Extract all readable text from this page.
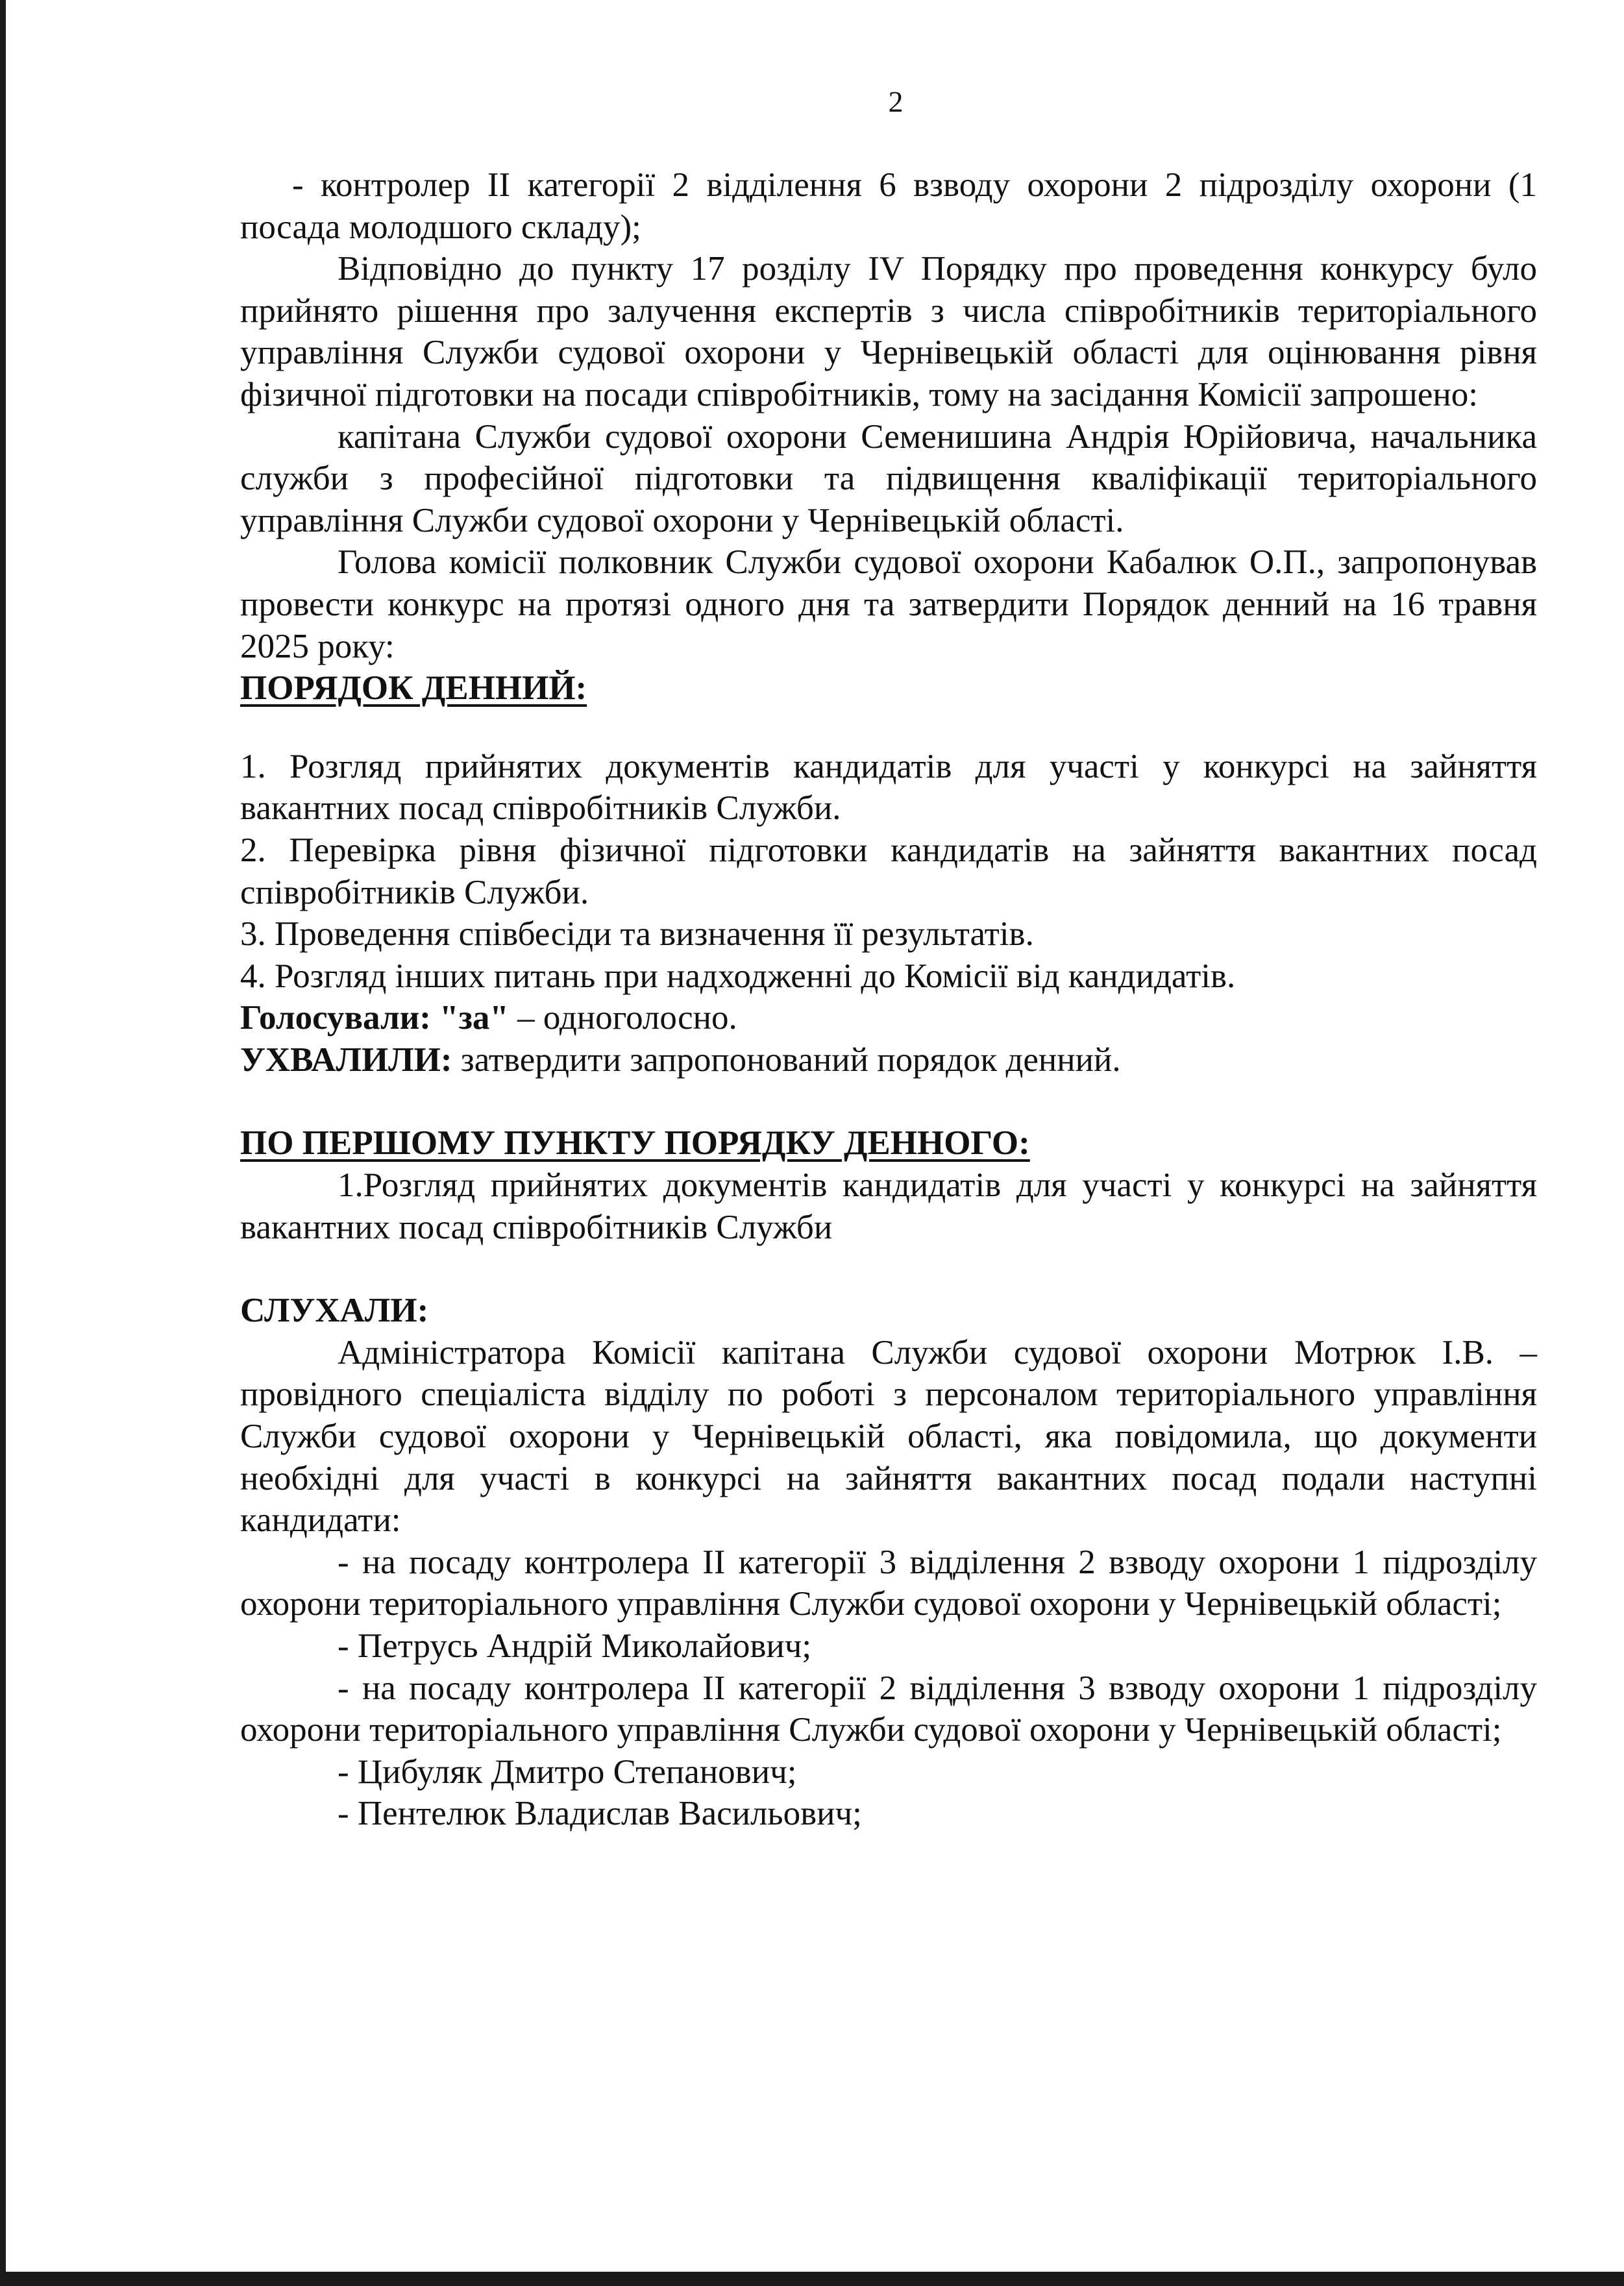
2

- контролер ІІ категорії 2 відділення 6 взводу охорони 2 підрозділу охорони (1 посада молодшого складу);

Відповідно до пункту 17 розділу IV Порядку про проведення конкурсу було прийнято рішення про залучення експертів з числа співробітників територіального управління Служби судової охорони у Чернівецькій області для оцінювання рівня фізичної підготовки на посади співробітників, тому на засідання Комісії запрошено:

капітана Служби судової охорони Семенишина Андрія Юрійовича, начальника служби з професійної підготовки та підвищення кваліфікації територіального управління Служби судової охорони у Чернівецькій області.

Голова комісії полковник Служби судової охорони Кабалюк О.П., запропонував провести конкурс на протязі одного дня та затвердити Порядок денний на 16 травня 2025 року:

ПОРЯДОК ДЕННИЙ:

1. Розгляд прийнятих документів кандидатів для участі у конкурсі на зайняття вакантних посад співробітників Служби.

2. Перевірка рівня фізичної підготовки кандидатів на зайняття вакантних посад співробітників Служби.

3. Проведення співбесіди та визначення її результатів.

4. Розгляд інших питань при надходженні до Комісії від кандидатів.

Голосували: "за" – одноголосно.

УХВАЛИЛИ: затвердити запропонований порядок денний.

ПО ПЕРШОМУ ПУНКТУ ПОРЯДКУ ДЕННОГО:

1.Розгляд прийнятих документів кандидатів для участі у конкурсі на зайняття вакантних посад співробітників Служби

СЛУХАЛИ:

Адміністратора Комісії капітана Служби судової охорони Мотрюк І.В. – провідного спеціаліста відділу по роботі з персоналом територіального управління Служби судової охорони у Чернівецькій області, яка повідомила, що документи необхідні для участі в конкурсі на зайняття вакантних посад подали наступні кандидати:

- на посаду контролера ІІ категорії 3 відділення 2 взводу охорони 1 підрозділу охорони територіального управління Служби судової охорони у Чернівецькій області;

- Петрусь Андрій Миколайович;

- на посаду контролера ІІ категорії 2 відділення 3 взводу охорони 1 підрозділу охорони територіального управління Служби судової охорони у Чернівецькій області;

- Цибуляк Дмитро Степанович;

- Пентелюк Владислав Васильович;
